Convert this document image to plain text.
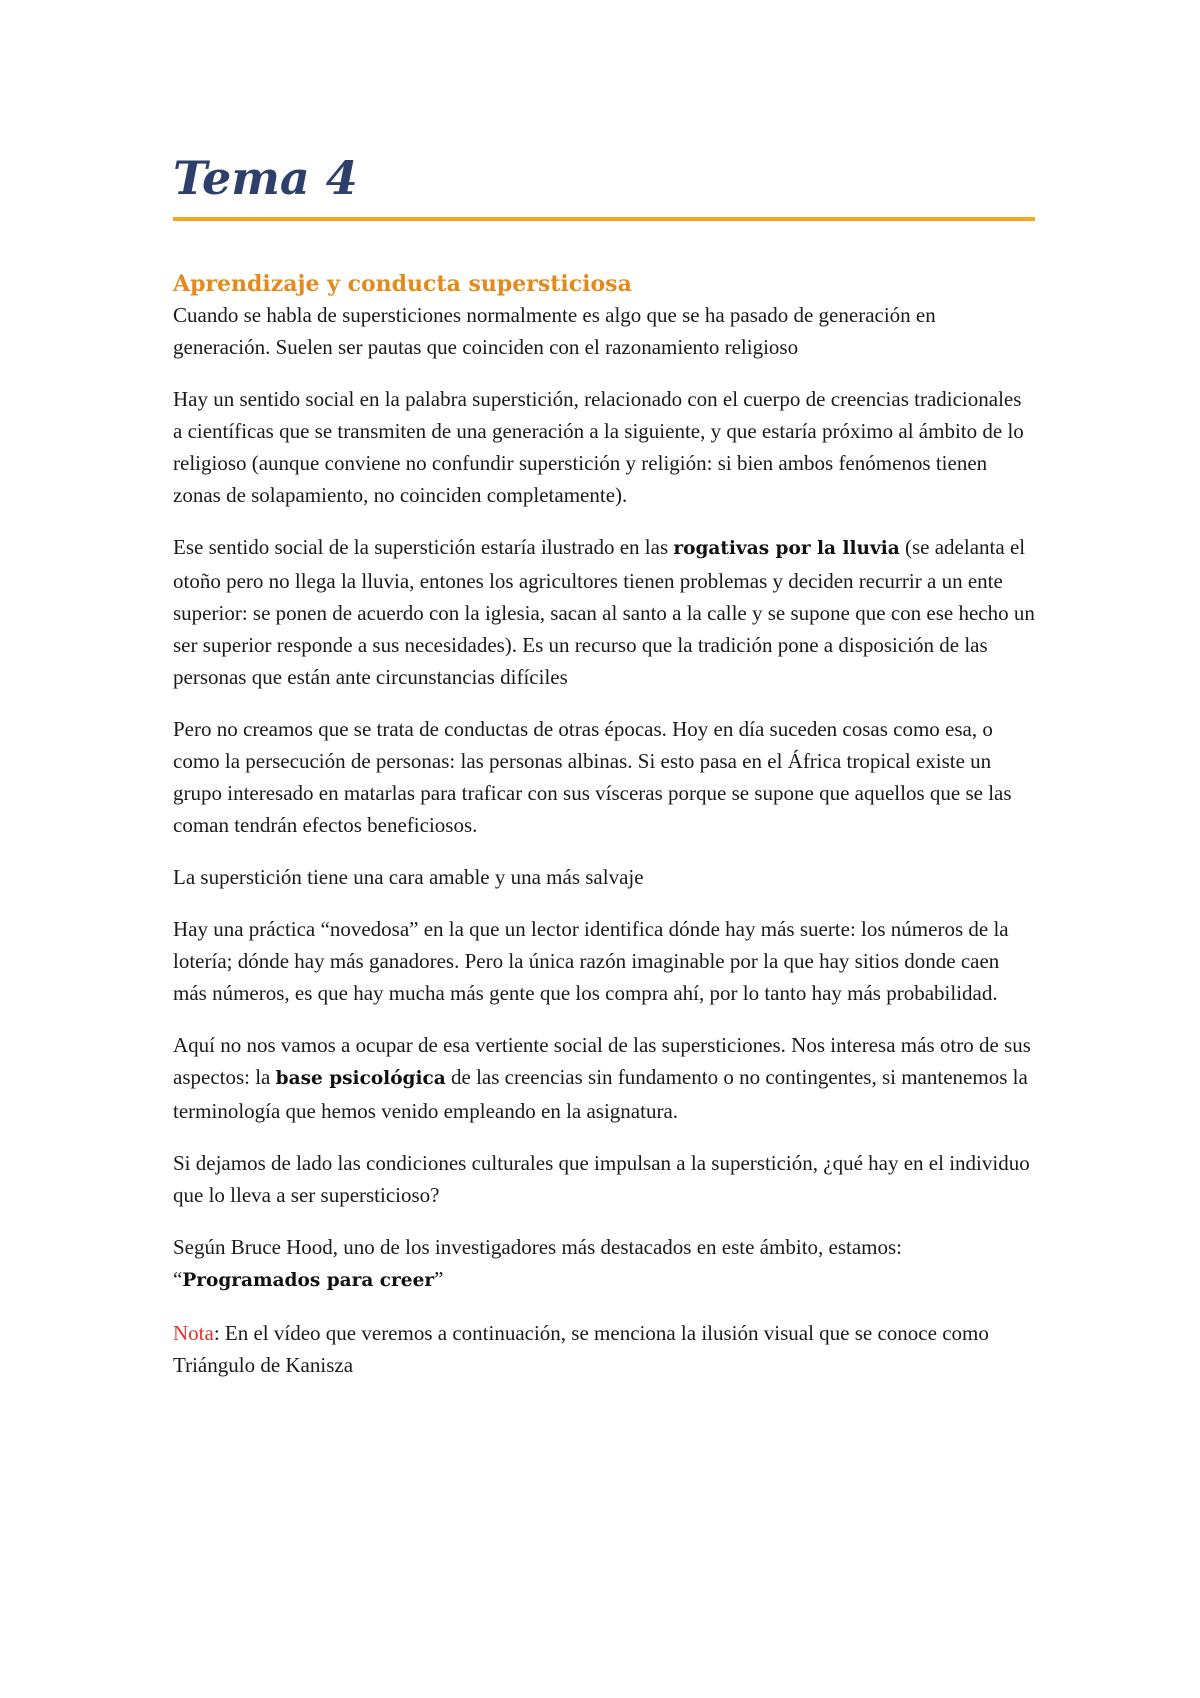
Tema 4
Aprendizaje y conducta supersticiosa

Cuando se habla de supersticiones normalmente es algo que se ha pasado de generación en generación. Suelen ser pautas que coinciden con el razonamiento religioso

Hay un sentido social en la palabra superstición, relacionado con el cuerpo de creencias tradicionales a científicas que se transmiten de una generación a la siguiente, y que estaría próximo al ámbito de lo religioso (aunque conviene no confundir superstición y religión: si bien ambos fenómenos tienen zonas de solapamiento, no coinciden completamente).

Ese sentido social de la superstición estaría ilustrado en las rogativas por la lluvia (se adelanta el otoño pero no llega la lluvia, entones los agricultores tienen problemas y deciden recurrir a un ente superior: se ponen de acuerdo con la iglesia, sacan al santo a la calle y se supone que con ese hecho un ser superior responde a sus necesidades). Es un recurso que la tradición pone a disposición de las personas que están ante circunstancias difíciles

Pero no creamos que se trata de conductas de otras épocas. Hoy en día suceden cosas como esa, o como la persecución de personas: las personas albinas. Si esto pasa en el África tropical existe un grupo interesado en matarlas para traficar con sus vísceras porque se supone que aquellos que se las coman tendrán efectos beneficiosos.

La superstición tiene una cara amable y una más salvaje

Hay una práctica “novedosa” en la que un lector identifica dónde hay más suerte: los números de la lotería; dónde hay más ganadores. Pero la única razón imaginable por la que hay sitios donde caen más números, es que hay mucha más gente que los compra ahí, por lo tanto hay más probabilidad.

Aquí no nos vamos a ocupar de esa vertiente social de las supersticiones. Nos interesa más otro de sus aspectos: la base psicológica de las creencias sin fundamento o no contingentes, si mantenemos la terminología que hemos venido empleando en la asignatura.

Si dejamos de lado las condiciones culturales que impulsan a la superstición, ¿qué hay en el individuo que lo lleva a ser supersticioso?

Según Bruce Hood, uno de los investigadores más destacados en este ámbito, estamos: “Programados para creer”

Nota: En el vídeo que veremos a continuación, se menciona la ilusión visual que se conoce como Triángulo de Kanisza
